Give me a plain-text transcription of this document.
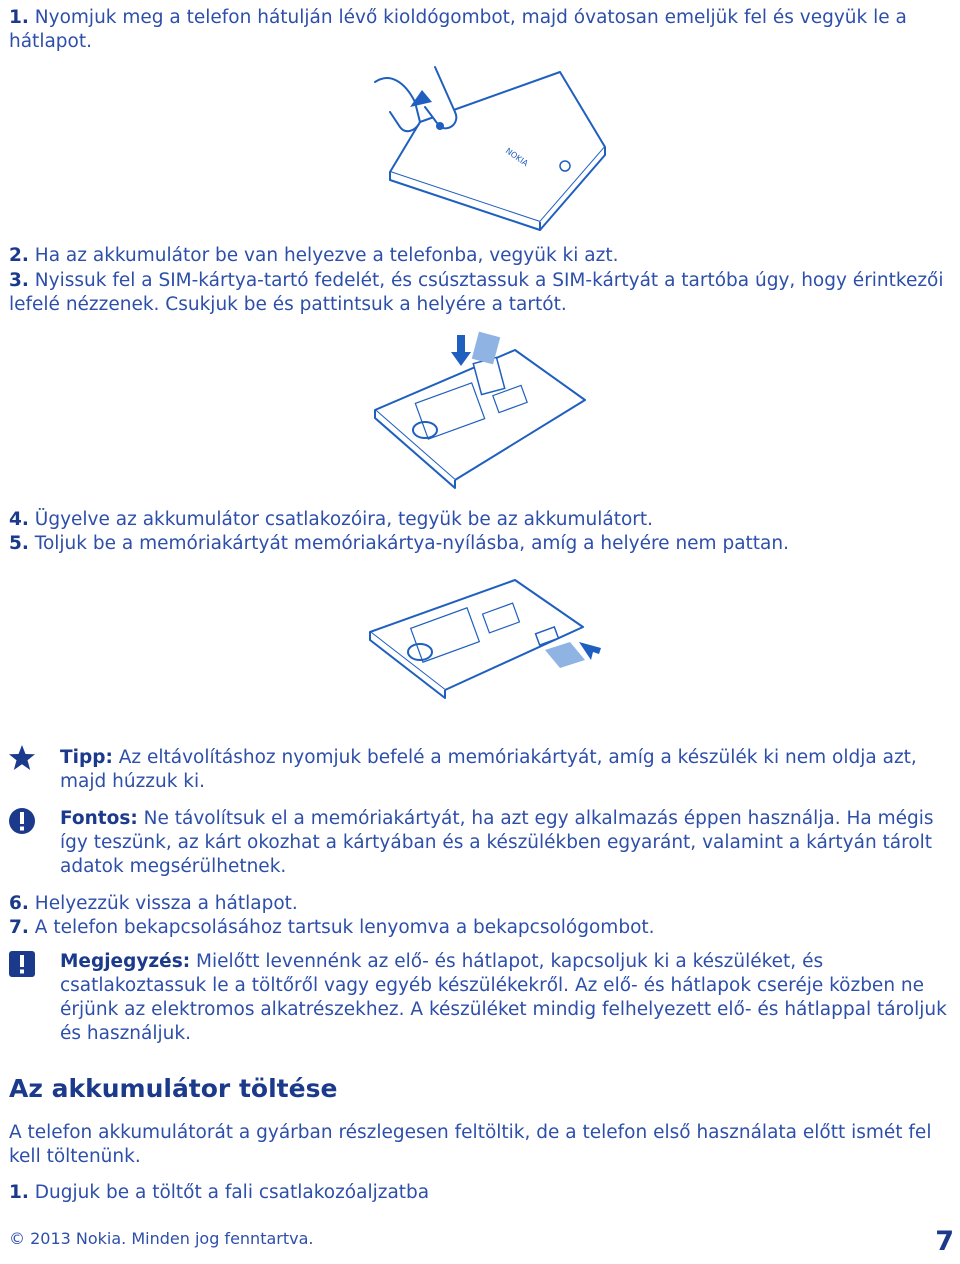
1. Nyomjuk meg a telefon hátulján lévő kioldógombot, majd óvatosan emeljük fel és vegyük le a hátlapot.
NOKIA
2. Ha az akkumulátor be van helyezve a telefonba, vegyük ki azt.
3. Nyissuk fel a SIM-kártya-tartó fedelét, és csúsztassuk a SIM-kártyát a tartóba úgy, hogy érintkezői lefelé nézzenek. Csukjuk be és pattintsuk a helyére a tartót.
4. Ügyelve az akkumulátor csatlakozóira, tegyük be az akkumulátort.
5. Toljuk be a memóriakártyát memóriakártya-nyílásba, amíg a helyére nem pattan.
Tipp: Az eltávolításhoz nyomjuk befelé a memóriakártyát, amíg a készülék ki nem oldja azt, majd húzzuk ki.
Fontos: Ne távolítsuk el a memóriakártyát, ha azt egy alkalmazás éppen használja. Ha mégis így teszünk, az kárt okozhat a kártyában és a készülékben egyaránt, valamint a kártyán tárolt adatok megsérülhetnek.
6. Helyezzük vissza a hátlapot.
7. A telefon bekapcsolásához tartsuk lenyomva a bekapcsológombot.
Megjegyzés: Mielőtt levennénk az elő- és hátlapot, kapcsoljuk ki a készüléket, és csatlakoztassuk le a töltőről vagy egyéb készülékekről. Az elő- és hátlapok cseréje közben ne érjünk az elektromos alkatrészekhez. A készüléket mindig felhelyezett elő- és hátlappal tároljuk és használjuk.
Az akkumulátor töltése
A telefon akkumulátorát a gyárban részlegesen feltöltik, de a telefon első használata előtt ismét fel kell töltenünk.
1. Dugjuk be a töltőt a fali csatlakozóaljzatba
© 2013 Nokia. Minden jog fenntartva.	7
